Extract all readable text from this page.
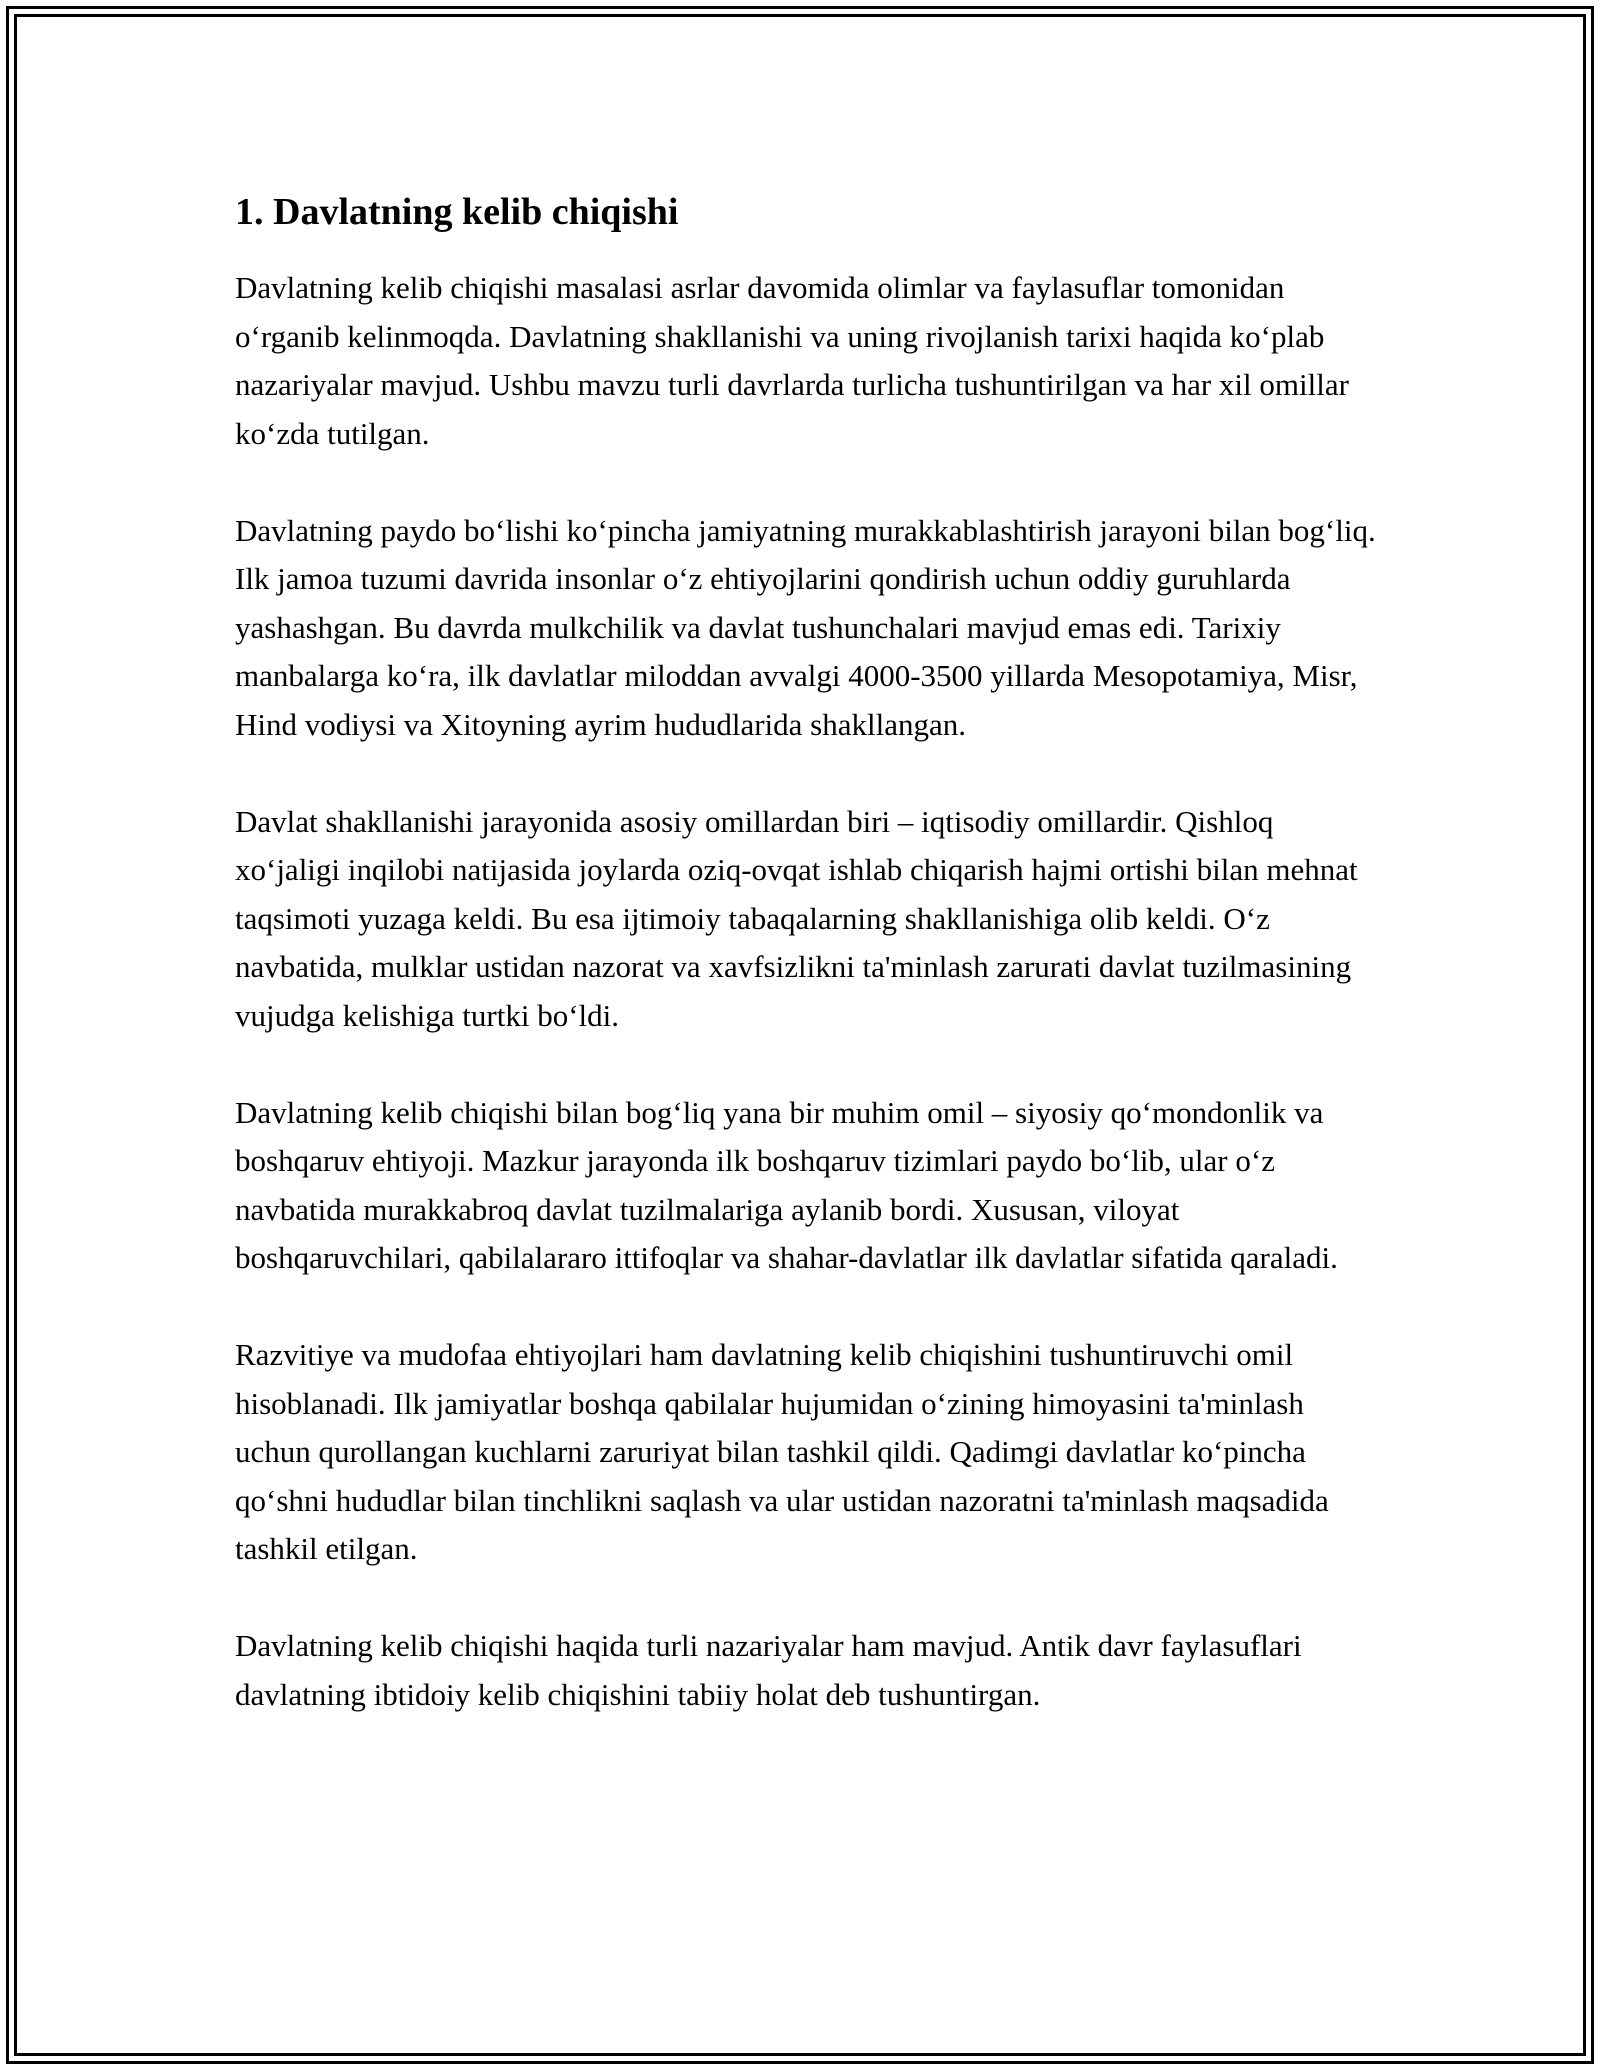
1. Davlatning kelib chiqishi

Davlatning kelib chiqishi masalasi asrlar davomida olimlar va faylasuflar tomonidan o‘rganib kelinmoqda. Davlatning shakllanishi va uning rivojlanish tarixi haqida ko‘plab nazariyalar mavjud. Ushbu mavzu turli davrlarda turlicha tushuntirilgan va har xil omillar ko‘zda tutilgan.

Davlatning paydo bo‘lishi ko‘pincha jamiyatning murakkablashtirish jarayoni bilan bog‘liq. Ilk jamoa tuzumi davrida insonlar o‘z ehtiyojlarini qondirish uchun oddiy guruhlarda yashashgan. Bu davrda mulkchilik va davlat tushunchalari mavjud emas edi. Tarixiy manbalarga ko‘ra, ilk davlatlar miloddan avvalgi 4000-3500 yillarda Mesopotamiya, Misr, Hind vodiysi va Xitoyning ayrim hududlarida shakllangan.

Davlat shakllanishi jarayonida asosiy omillardan biri – iqtisodiy omillardir. Qishloq xo‘jaligi inqilobi natijasida joylarda oziq-ovqat ishlab chiqarish hajmi ortishi bilan mehnat taqsimoti yuzaga keldi. Bu esa ijtimoiy tabaqalarning shakllanishiga olib keldi. O‘z navbatida, mulklar ustidan nazorat va xavfsizlikni ta'minlash zarurati davlat tuzilmasining vujudga kelishiga turtki bo‘ldi.

Davlatning kelib chiqishi bilan bog‘liq yana bir muhim omil – siyosiy qo‘mondonlik va boshqaruv ehtiyoji. Mazkur jarayonda ilk boshqaruv tizimlari paydo bo‘lib, ular o‘z navbatida murakkabroq davlat tuzilmalariga aylanib bordi. Xususan, viloyat boshqaruvchilari, qabilalararo ittifoqlar va shahar-davlatlar ilk davlatlar sifatida qaraladi.

Razvitiye va mudofaa ehtiyojlari ham davlatning kelib chiqishini tushuntiruvchi omil hisoblanadi. Ilk jamiyatlar boshqa qabilalar hujumidan o‘zining himoyasini ta'minlash uchun qurollangan kuchlarni zaruriyat bilan tashkil qildi. Qadimgi davlatlar ko‘pincha qo‘shni hududlar bilan tinchlikni saqlash va ular ustidan nazoratni ta'minlash maqsadida tashkil etilgan.

Davlatning kelib chiqishi haqida turli nazariyalar ham mavjud. Antik davr faylasuflari davlatning ibtidoiy kelib chiqishini tabiiy holat deb tushuntirgan.
